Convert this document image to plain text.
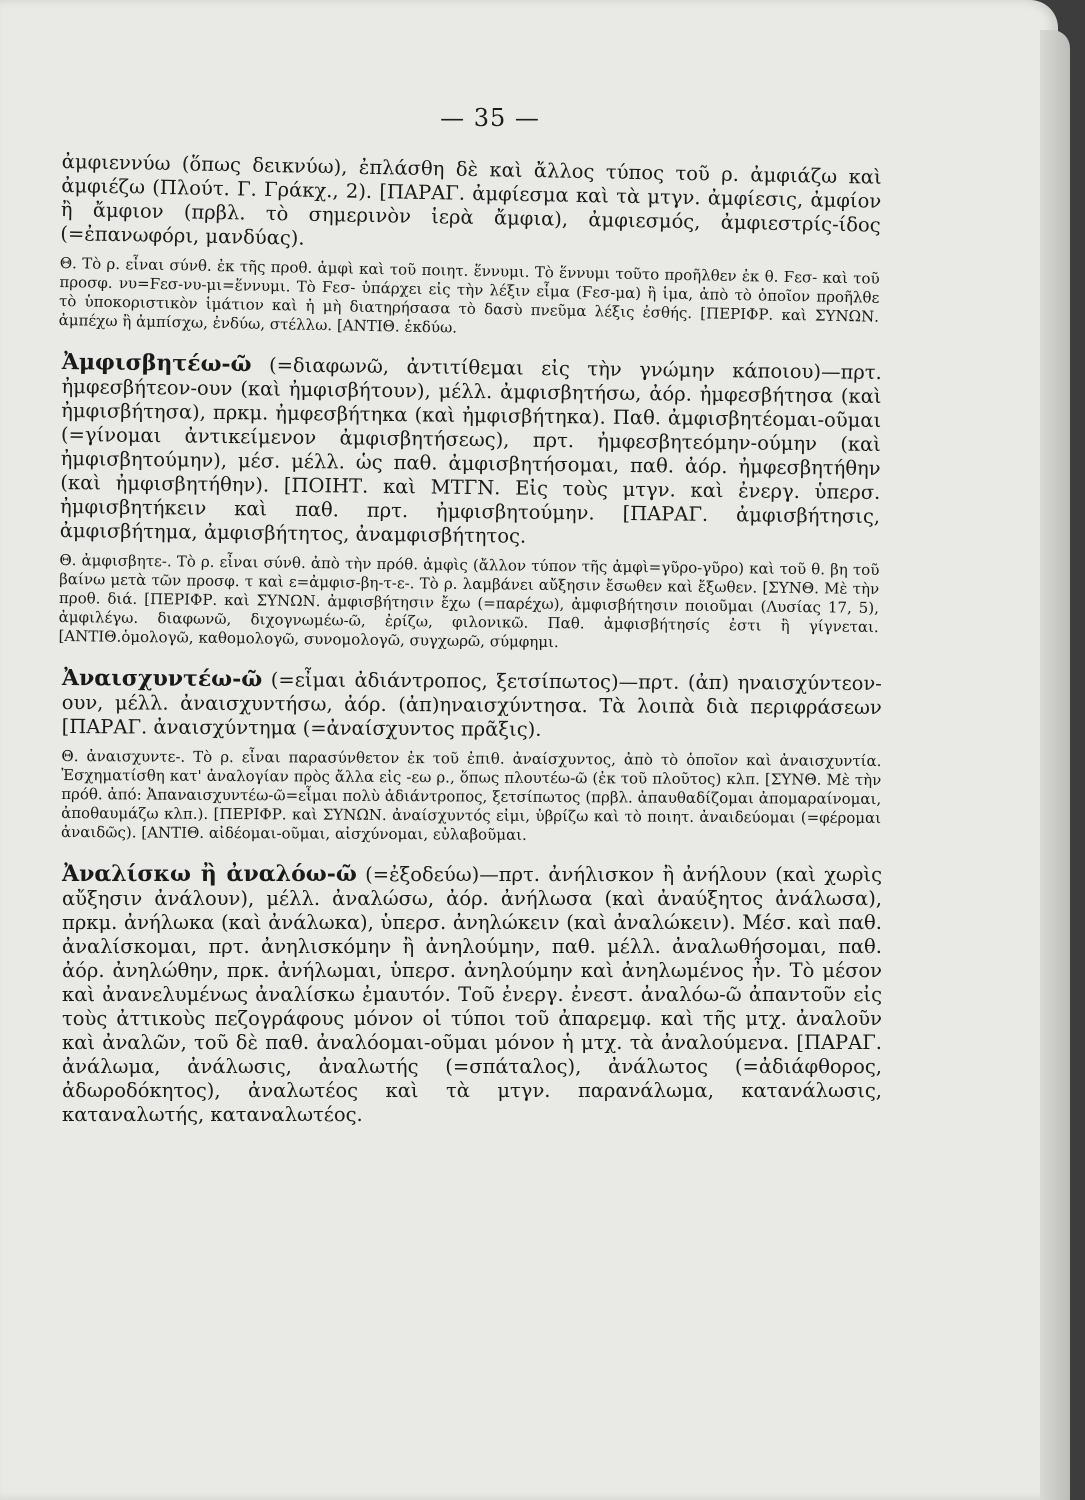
— 35 —

ἀμφιεννύω (ὅπως δεικνύω), ἐπλάσθη δὲ καὶ ἄλλος τύπος τοῦ ρ. ἀμφιάζω καὶ ἀμφιέζω (Πλούτ. Γ. Γράκχ., 2). [ΠΑΡΑΓ. ἀμφίεσμα καὶ τὰ μτγν. ἀμφίεσις, ἀμφίον ἢ ἄμφιον (πρβλ. τὸ σημερινὸν ἱερὰ ἄμφια), ἀμφιεσμός, ἀμφιεστρίς-ίδος (=ἐπανωφόρι, μανδύας).

Θ. Τὸ ρ. εἶναι σύνθ. ἐκ τῆς προθ. ἀμφὶ καὶ τοῦ ποιητ. ἕννυμι. Τὸ ἕννυμι τοῦτο προῆλθεν ἐκ θ. Ϝεσ- καὶ τοῦ προσφ. νυ=Ϝεσ-νυ-μι=ἕννυμι. Τὸ Ϝεσ- ὑπάρχει εἰς τὴν λέξιν εἷμα (Ϝεσ-μα) ἢ ἱμα, ἀπὸ τὸ ὁποῖον προῆλθε τὸ ὑποκοριστικὸν ἱμάτιον καὶ ἡ μὴ διατηρήσασα τὸ δασὺ πνεῦμα λέξις ἐσθής. [ΠΕΡΙΦΡ. καὶ ΣΥΝΩΝ. ἀμπέχω ἢ ἀμπίσχω, ἐνδύω, στέλλω. [ΑΝΤΙΘ. ἐκδύω.

Ἀμφισβητέω-ῶ (=διαφωνῶ, ἀντιτίθεμαι εἰς τὴν γνώμην κάποιου)—πρτ. ἠμφεσβήτεον-ουν (καὶ ἠμφισβήτουν), μέλλ. ἀμφισβητήσω, ἀόρ. ἠμφεσβήτησα (καὶ ἠμφισβήτησα), πρκμ. ἠμφεσβήτηκα (καὶ ἠμφισβήτηκα). Παθ. ἀμφισβητέομαι-οῦμαι (=γίνομαι ἀντικείμενον ἀμφισβητήσεως), πρτ. ἠμφεσβητεόμην-ούμην (καὶ ἠμφισβητούμην), μέσ. μέλλ. ὡς παθ. ἀμφισβητήσομαι, παθ. ἀόρ. ἠμφεσβητήθην (καὶ ἠμφισβητήθην). [ΠΟΙΗΤ. καὶ ΜΤΓΝ. Εἰς τοὺς μτγν. καὶ ἐνεργ. ὑπερσ. ἠμφισβητήκειν καὶ παθ. πρτ. ἠμφισβητούμην. [ΠΑΡΑΓ. ἀμφισβήτησις, ἀμφισβήτημα, ἀμφισβήτητος, ἀναμφισβήτητος.

Θ. ἀμφισβητε-. Τὸ ρ. εἶναι σύνθ. ἀπὸ τὴν πρόθ. ἀμφὶς (ἄλλον τύπον τῆς ἀμφὶ=γῦρο-γῦρο) καὶ τοῦ θ. βη τοῦ βαίνω μετὰ τῶν προσφ. τ καὶ ε=ἀμφισ-βη-τ-ε-. Τὸ ρ. λαμβάνει αὔξησιν ἔσωθεν καὶ ἔξωθεν. [ΣΥΝΘ. Μὲ τὴν προθ. διά. [ΠΕΡΙΦΡ. καὶ ΣΥΝΩΝ. ἀμφισβήτησιν ἔχω (=παρέχω), ἀμφισβήτησιν ποιοῦμαι (Λυσίας 17, 5), ἀμφιλέγω. διαφωνῶ, διχογνωμέω-ῶ, ἐρίζω, φιλονικῶ. Παθ. ἀμφισβήτησίς ἐστι ἢ γίγνεται. [ΑΝΤΙΘ.ὁμολογῶ, καθομολογῶ, συνομολογῶ, συγχωρῶ, σύμφημι.

Ἀναισχυντέω-ῶ (=εἶμαι ἀδιάντροπος, ξετσίπωτος)—πρτ. (ἀπ) ηναισχύντεον-ουν, μέλλ. ἀναισχυντήσω, ἀόρ. (ἀπ)ηναισχύντησα. Τὰ λοιπὰ διὰ περιφράσεων [ΠΑΡΑΓ. ἀναισχύντημα (=ἀναίσχυντος πρᾶξις).

Θ. ἀναισχυντε-. Τὸ ρ. εἶναι παρασύνθετον ἐκ τοῦ ἐπιθ. ἀναίσχυντος, ἀπὸ τὸ ὁποῖον καὶ ἀναισχυντία. Ἐσχηματίσθη κατ' ἀναλογίαν πρὸς ἄλλα εἰς -εω ρ., ὅπως πλουτέω-ῶ (ἐκ τοῦ πλοῦτος) κλπ. [ΣΥΝΘ. Μὲ τὴν πρόθ. ἀπό: Ἀπαναισχυντέω-ῶ=εἶμαι πολὺ ἀδιάντροπος, ξετσίπωτος (πρβλ. ἀπαυθαδίζομαι ἀπομαραίνομαι, ἀποθαυμάζω κλπ.). [ΠΕΡΙΦΡ. καὶ ΣΥΝΩΝ. ἀναίσχυντός εἰμι, ὑβρίζω καὶ τὸ ποιητ. ἀναιδεύομαι (=φέρομαι ἀναιδῶς). [ΑΝΤΙΘ. αἰδέομαι-οῦμαι, αἰσχύνομαι, εὐλαβοῦμαι.

Ἀναλίσκω ἢ ἀναλόω-ῶ (=ἐξοδεύω)—πρτ. ἀνήλισκον ἢ ἀνήλουν (καὶ χωρὶς αὔξησιν ἀνάλουν), μέλλ. ἀναλώσω, ἀόρ. ἀνήλωσα (καὶ ἀναύξητος ἀνάλωσα), πρκμ. ἀνήλωκα (καὶ ἀνάλωκα), ὑπερσ. ἀνηλώκειν (καὶ ἀναλώκειν). Μέσ. καὶ παθ. ἀναλίσκομαι, πρτ. ἀνηλισκόμην ἢ ἀνηλούμην, παθ. μέλλ. ἀναλωθήσομαι, παθ. ἀόρ. ἀνηλώθην, πρκ. ἀνήλωμαι, ὑπερσ. ἀνηλούμην καὶ ἀνηλωμένος ἦν. Τὸ μέσον καὶ ἀνανελυμένως ἀναλίσκω ἐμαυτόν. Τοῦ ἐνεργ. ἐνεστ. ἀναλόω-ῶ ἀπαντοῦν εἰς τοὺς ἀττικοὺς πεζογράφους μόνον οἱ τύποι τοῦ ἀπαρεμφ. καὶ τῆς μτχ. ἀναλοῦν καὶ ἀναλῶν, τοῦ δὲ παθ. ἀναλόομαι-οῦμαι μόνον ἡ μτχ. τὰ ἀναλούμενα. [ΠΑΡΑΓ. ἀνάλωμα, ἀνάλωσις, ἀναλωτής (=σπάταλος), ἀνάλωτος (=ἀδιάφθορος, ἀδωροδόκητος), ἀναλωτέος καὶ τὰ μτγν. παρανάλωμα, κατανάλωσις, καταναλωτής, καταναλωτέος.
